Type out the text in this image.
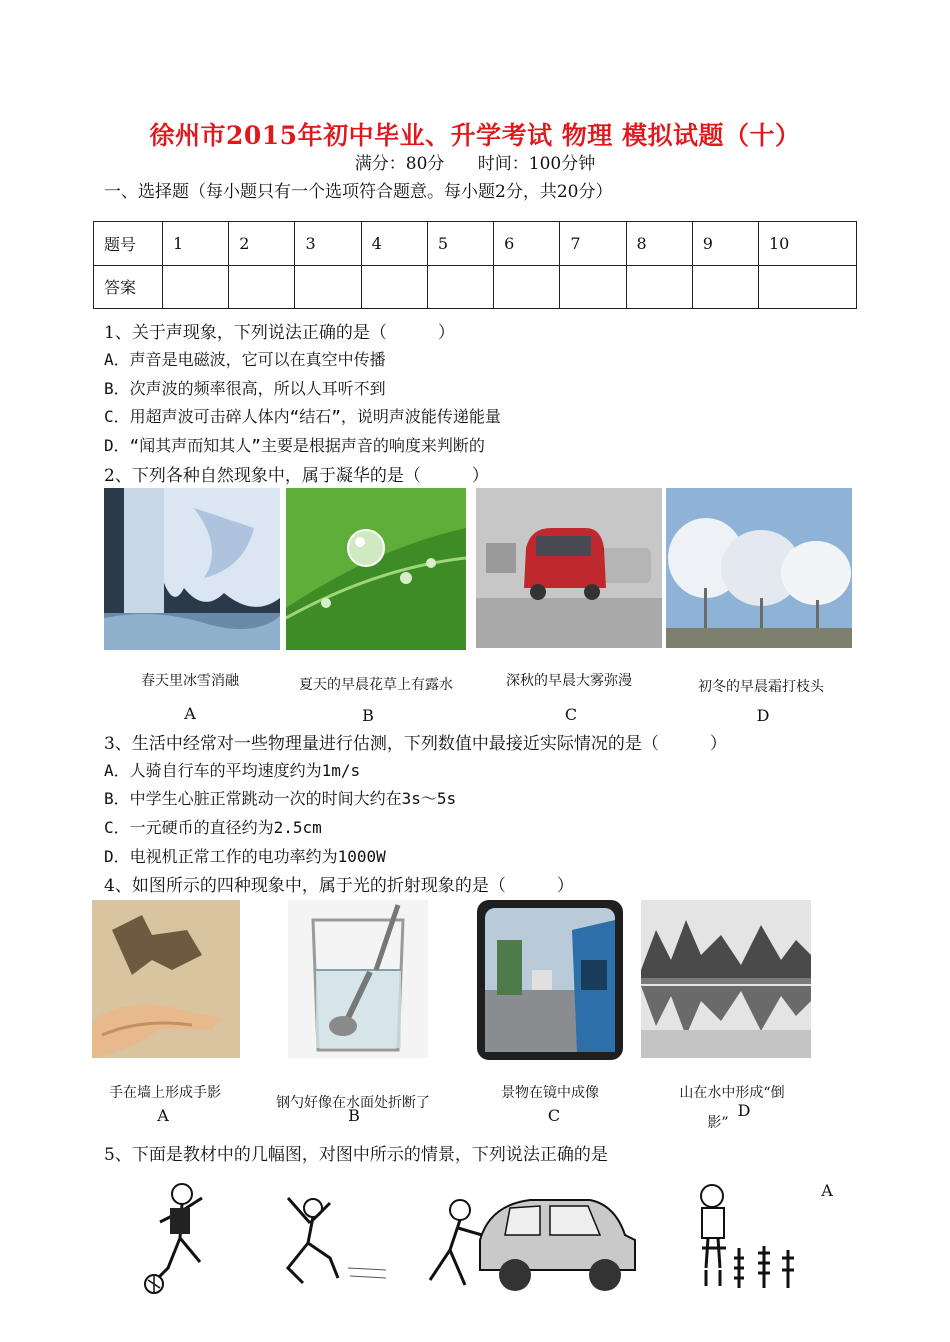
徐州市2015年初中毕业、升学考试 物理 模拟试题（十）
满分：80分 时间：100分钟
一、选择题（每小题只有一个选项符合题意。每小题2分，共20分）
题号	1	2	3	4	5	6	7	8	9	10
答案										
1、关于声现象，下列说法正确的是（　　　）
A．声音是电磁波，它可以在真空中传播
B．次声波的频率很高，所以人耳听不到
C．用超声波可击碎人体内“结石”，说明声波能传递能量
D．“闻其声而知其人”主要是根据声音的响度来判断的
2、下列各种自然现象中，属于凝华的是（　　　）
春天里冰雪消融	夏天的早晨花草上有露水	深秋的早晨大雾弥漫	初冬的早晨霜打枝头
A	B	C	D
3、生活中经常对一些物理量进行估测，下列数值中最接近实际情况的是（　　　）
A．人骑自行车的平均速度约为1m/s
B．中学生心脏正常跳动一次的时间大约在3s～5s
C．一元硬币的直径约为2.5cm
D．电视机正常工作的电功率约为1000W
4、如图所示的四种现象中，属于光的折射现象的是（　　　）
手在墙上形成手影
钢勺好像在水面处折断了
景物在镜中成像	山在水中形成“倒
影”
A	B	C	D
5、下面是教材中的几幅图，对图中所示的情景，下列说法正确的是
A
